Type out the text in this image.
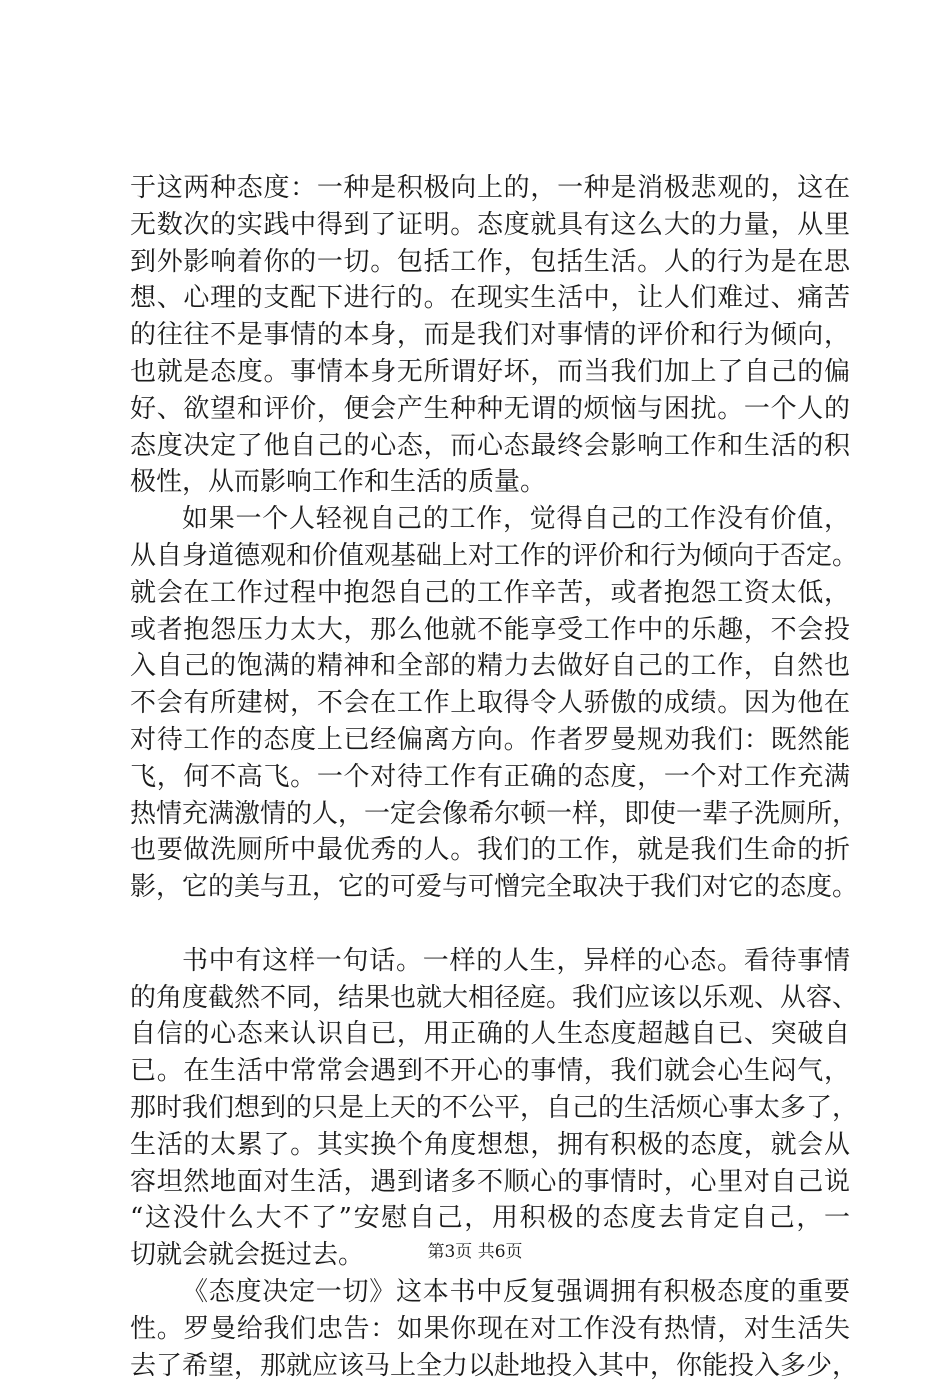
于这两种态度：一种是积极向上的，一种是消极悲观的，这在
无数次的实践中得到了证明。态度就具有这么大的力量，从里
到外影响着你的一切。包括工作，包括生活。人的行为是在思
想、心理的支配下进行的。在现实生活中，让人们难过、痛苦
的往往不是事情的本身，而是我们对事情的评价和行为倾向，
也就是态度。事情本身无所谓好坏，而当我们加上了自己的偏
好、欲望和评价，便会产生种种无谓的烦恼与困扰。一个人的
态度决定了他自己的心态，而心态最终会影响工作和生活的积
极性，从而影响工作和生活的质量。
如果一个人轻视自己的工作，觉得自己的工作没有价值，
从自身道德观和价值观基础上对工作的评价和行为倾向于否定。
就会在工作过程中抱怨自己的工作辛苦，或者抱怨工资太低，
或者抱怨压力太大，那么他就不能享受工作中的乐趣，不会投
入自己的饱满的精神和全部的精力去做好自己的工作，自然也
不会有所建树，不会在工作上取得令人骄傲的成绩。因为他在
对待工作的态度上已经偏离方向。作者罗曼规劝我们：既然能
飞，何不高飞。一个对待工作有正确的态度，一个对工作充满
热情充满激情的人，一定会像希尔顿一样，即使一辈子洗厕所，
也要做洗厕所中最优秀的人。我们的工作，就是我们生命的折
影，它的美与丑，它的可爱与可憎完全取决于我们对它的态度。
书中有这样一句话。一样的人生，异样的心态。看待事情
的角度截然不同，结果也就大相径庭。我们应该以乐观、从容、
自信的心态来认识自已，用正确的人生态度超越自已、突破自
已。在生活中常常会遇到不开心的事情，我们就会心生闷气，
那时我们想到的只是上天的不公平，自己的生活烦心事太多了，
生活的太累了。其实换个角度想想，拥有积极的态度，就会从
容坦然地面对生活，遇到诸多不顺心的事情时，心里对自己说
“这没什么大不了”安慰自己，用积极的态度去肯定自己，一
切就会就会挺过去。
《态度决定一切》这本书中反复强调拥有积极态度的重要
性。罗曼给我们忠告：如果你现在对工作没有热情，对生活失
去了希望，那就应该马上全力以赴地投入其中，你能投入多少，
第3页 共6页
